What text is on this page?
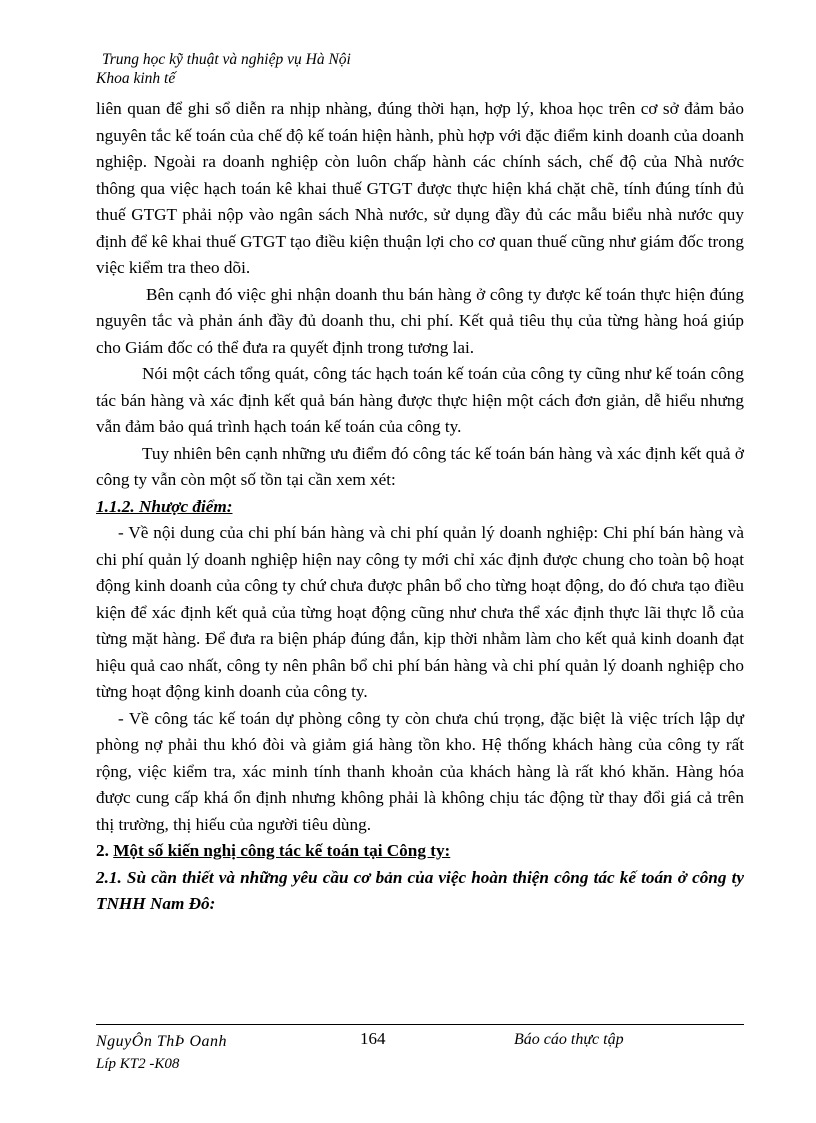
Trung học kỹ thuật và nghiệp vụ Hà Nội
Khoa kinh tế

liên quan để ghi sổ diễn ra nhịp nhàng, đúng thời hạn, hợp lý, khoa học trên cơ sở đảm bảo nguyên tắc kế toán của chế độ kế toán hiện hành, phù hợp với đặc điểm kinh doanh của doanh nghiệp. Ngoài ra doanh nghiệp còn luôn chấp hành các chính sách, chế độ của Nhà nước thông qua việc hạch toán kê khai thuế GTGT được thực hiện khá chặt chẽ, tính đúng tính đủ thuế GTGT phải nộp vào ngân sách Nhà nước, sử dụng đầy đủ các mẫu biểu nhà nước quy định để kê khai thuế GTGT tạo điều kiện thuận lợi cho cơ quan thuế cũng như giám đốc trong việc kiểm tra theo dõi.

Bên cạnh đó việc ghi nhận doanh thu bán hàng ở công ty được kế toán thực hiện đúng nguyên tắc và phản ánh đầy đủ doanh thu, chi phí. Kết quả tiêu thụ của từng hàng hoá giúp cho Giám đốc có thể đưa ra quyết định trong tương lai.

Nói một cách tổng quát, công tác hạch toán kế toán của công ty cũng như kế toán công tác bán hàng và xác định kết quả bán hàng được thực hiện một cách đơn giản, dễ hiểu nhưng vẫn đảm bảo quá trình hạch toán kế toán của công ty.

Tuy nhiên bên cạnh những ưu điểm đó công tác kế toán bán hàng và xác định kết quả ở công ty vẫn còn một số tồn tại cần xem xét:

1.1.2. Nhược điểm:

- Về nội dung của chi phí bán hàng và chi phí quản lý doanh nghiệp: Chi phí bán hàng và chi phí quản lý doanh nghiệp hiện nay công ty mới chỉ xác định được chung cho toàn bộ hoạt động kinh doanh của công ty chứ chưa được phân bổ cho từng hoạt động, do đó chưa tạo điều kiện để xác định kết quả của từng hoạt động cũng như chưa thể xác định thực lãi thực lỗ của từng mặt hàng. Để đưa ra biện pháp đúng đắn, kịp thời nhằm làm cho kết quả kinh doanh đạt hiệu quả cao nhất, công ty nên phân bổ chi phí bán hàng và chi phí quản lý doanh nghiệp cho từng hoạt động kinh doanh của công ty.

- Về công tác kế toán dự phòng công ty còn chưa chú trọng, đặc biệt là việc trích lập dự phòng nợ phải thu khó đòi và giảm giá hàng tồn kho. Hệ thống khách hàng của công ty rất rộng, việc kiểm tra, xác minh tính thanh khoản của khách hàng là rất khó khăn. Hàng hóa được cung cấp khá ổn định nhưng không phải là không chịu tác động từ thay đổi giá cả trên thị trường, thị hiếu của người tiêu dùng.

2. Một số kiến nghị công tác kế toán tại Công ty:

2.1. Sù cần thiết và những yêu cầu cơ bản của việc hoàn thiện công tác kế toán ở công ty TNHH Nam Đô:

NguyÔn ThÞ Oanh
Líp KT2 -K08
164	Báo cáo thực tập
